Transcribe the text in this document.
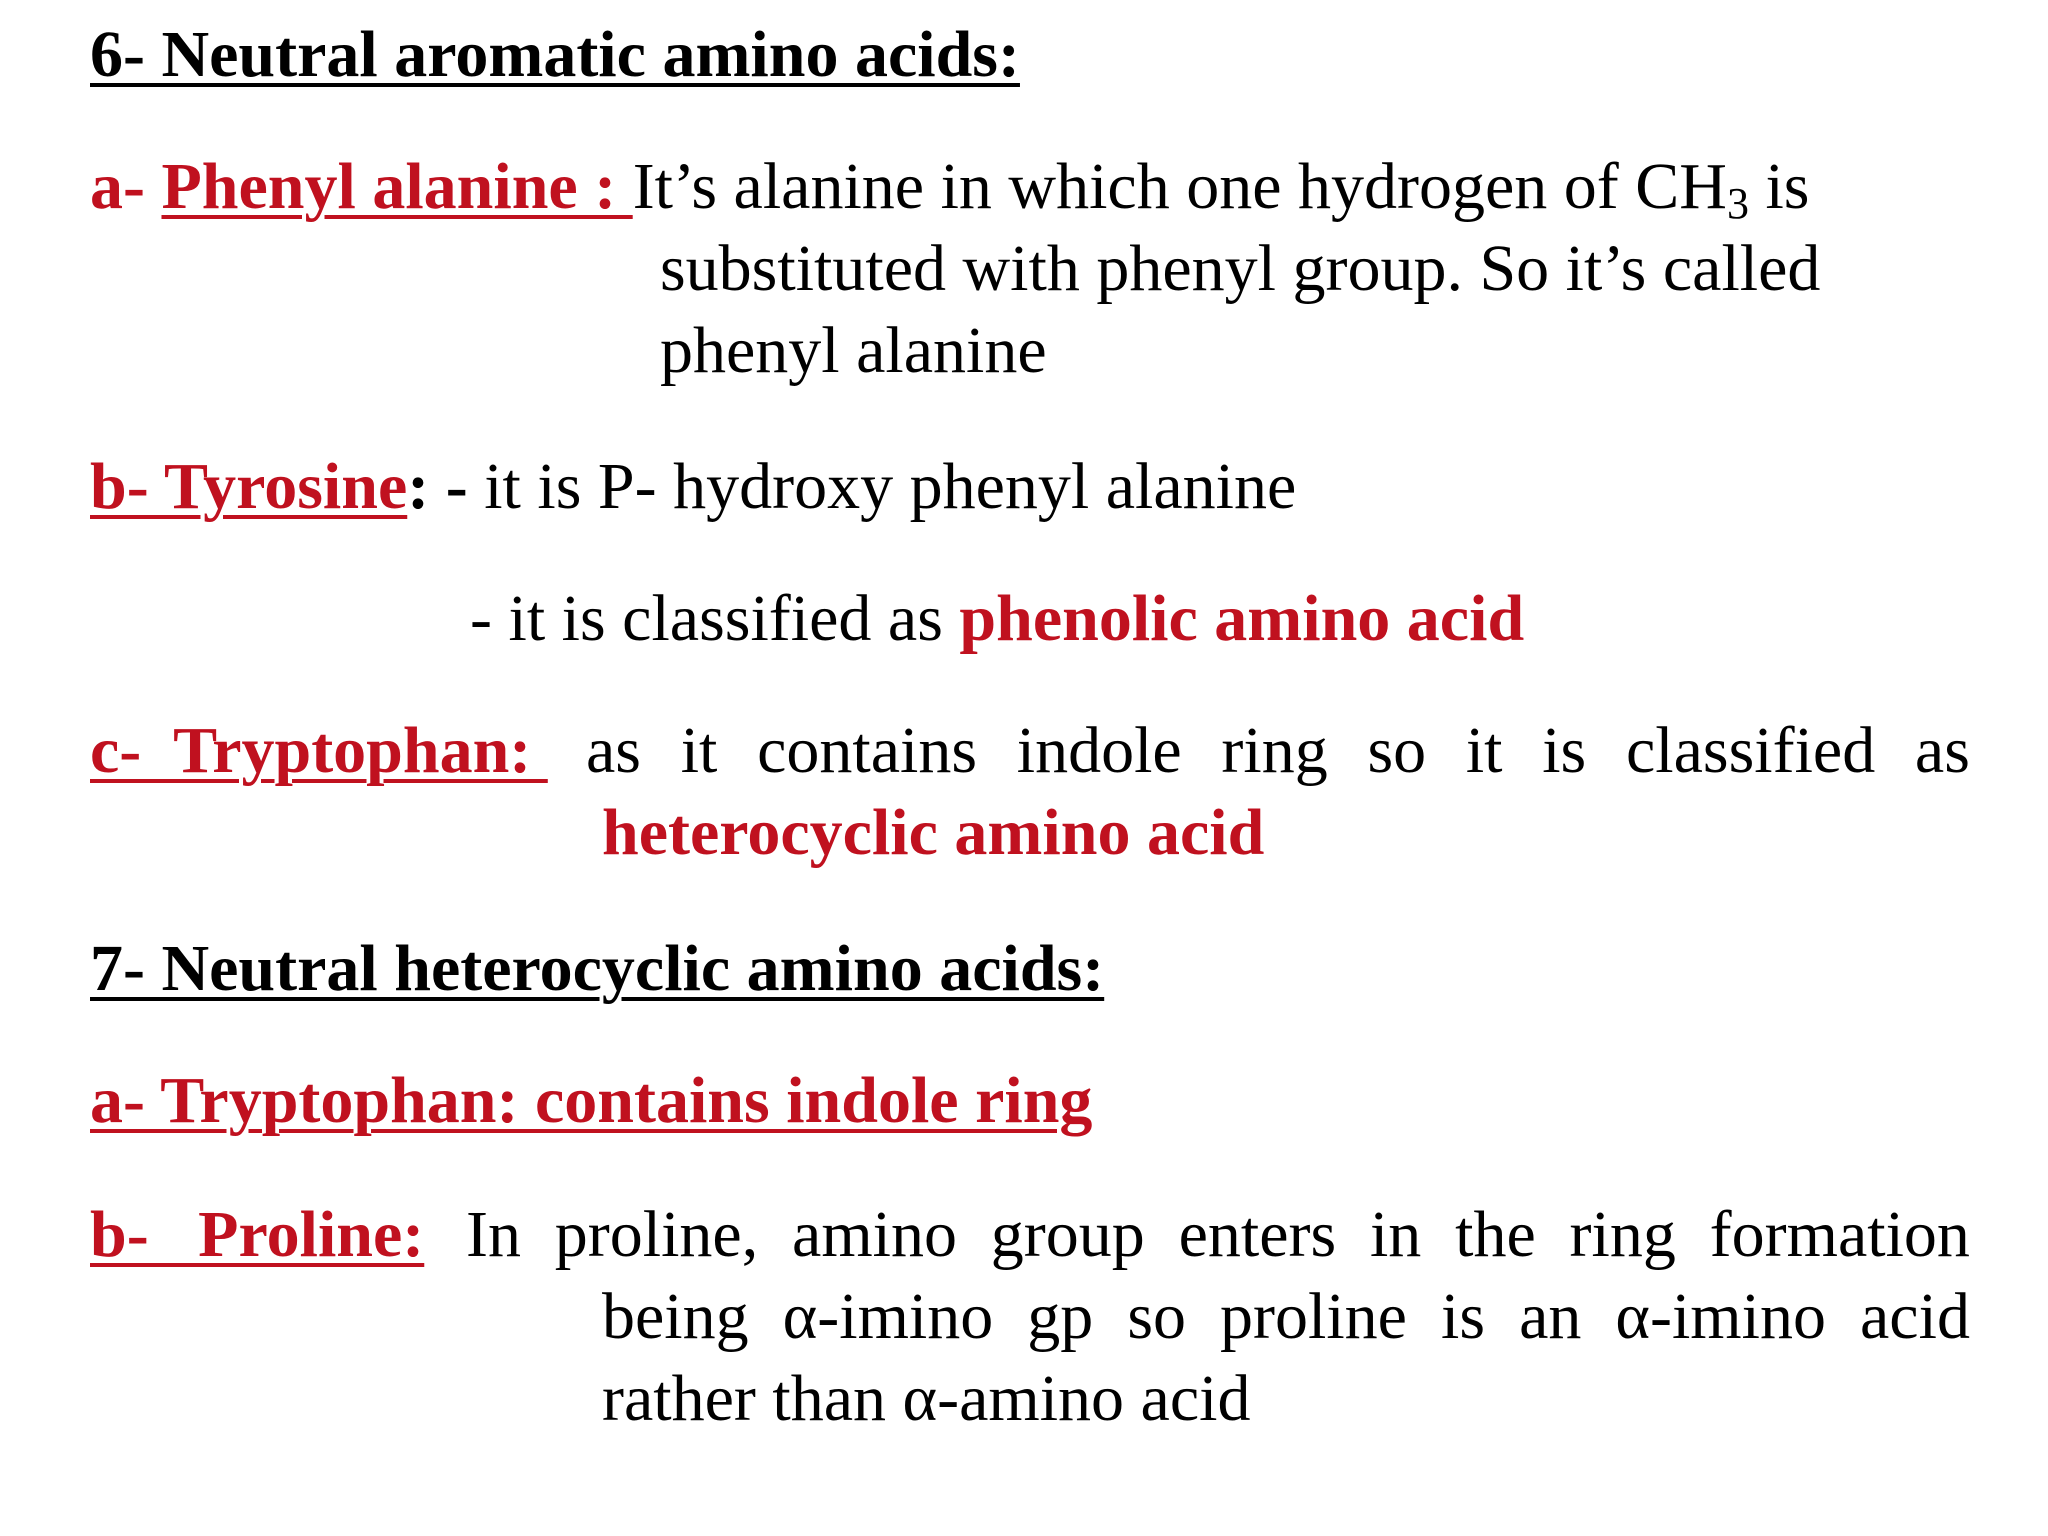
6- Neutral aromatic amino acids:
a- Phenyl alanine : It’s alanine in which one hydrogen of $CH_3$ is
substituted with phenyl group. So it’s called
phenyl alanine
b- Tyrosine: - it is P- hydroxy phenyl alanine
- it is classified as phenolic amino acid
c-  Tryptophan: as it contains indole ring so it is classified as
heterocyclic amino acid
7- Neutral heterocyclic amino acids:
a- Tryptophan: contains indole ring
b-   Proline: In proline, amino group enters in the ring formation
being α-imino gp so proline is an α-imino acid
rather than α-amino acid
